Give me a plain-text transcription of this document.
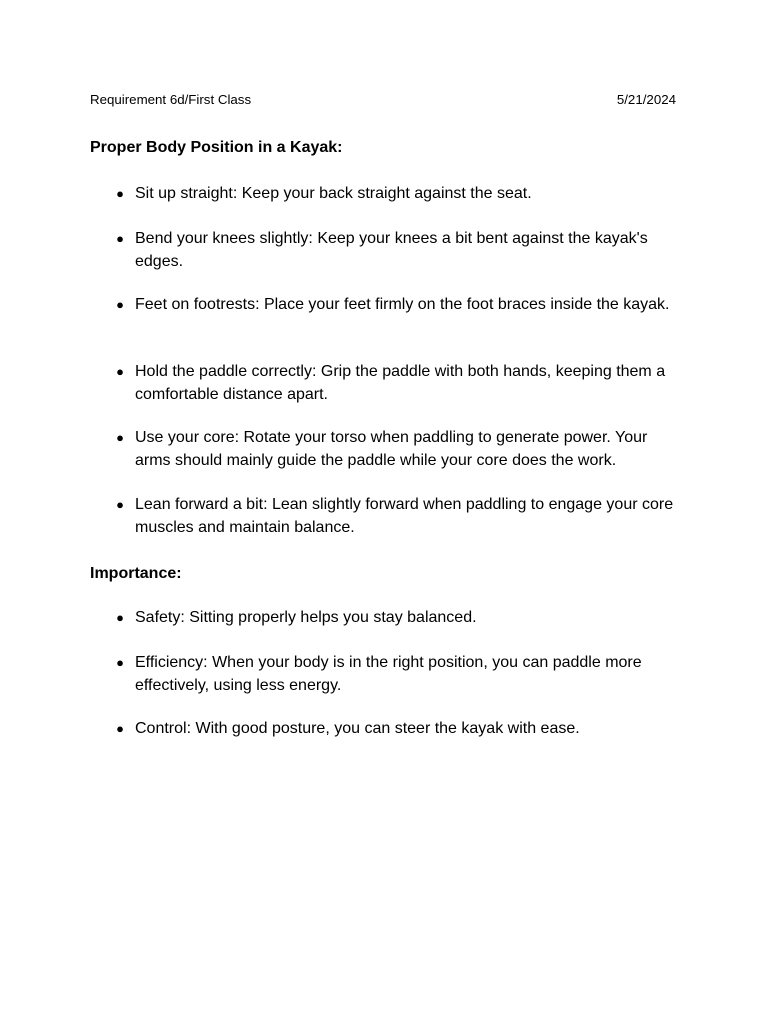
Requirement 6d/First Class	5/21/2024
Proper Body Position in a Kayak:
● Sit up straight: Keep your back straight against the seat.
● Bend your knees slightly: Keep your knees a bit bent against the kayak's edges.
● Feet on footrests: Place your feet firmly on the foot braces inside the kayak.
● Hold the paddle correctly: Grip the paddle with both hands, keeping them a comfortable distance apart.
● Use your core: Rotate your torso when paddling to generate power. Your arms should mainly guide the paddle while your core does the work.
● Lean forward a bit: Lean slightly forward when paddling to engage your core muscles and maintain balance.
Importance:
● Safety: Sitting properly helps you stay balanced.
● Efficiency: When your body is in the right position, you can paddle more effectively, using less energy.
● Control: With good posture, you can steer the kayak with ease.
